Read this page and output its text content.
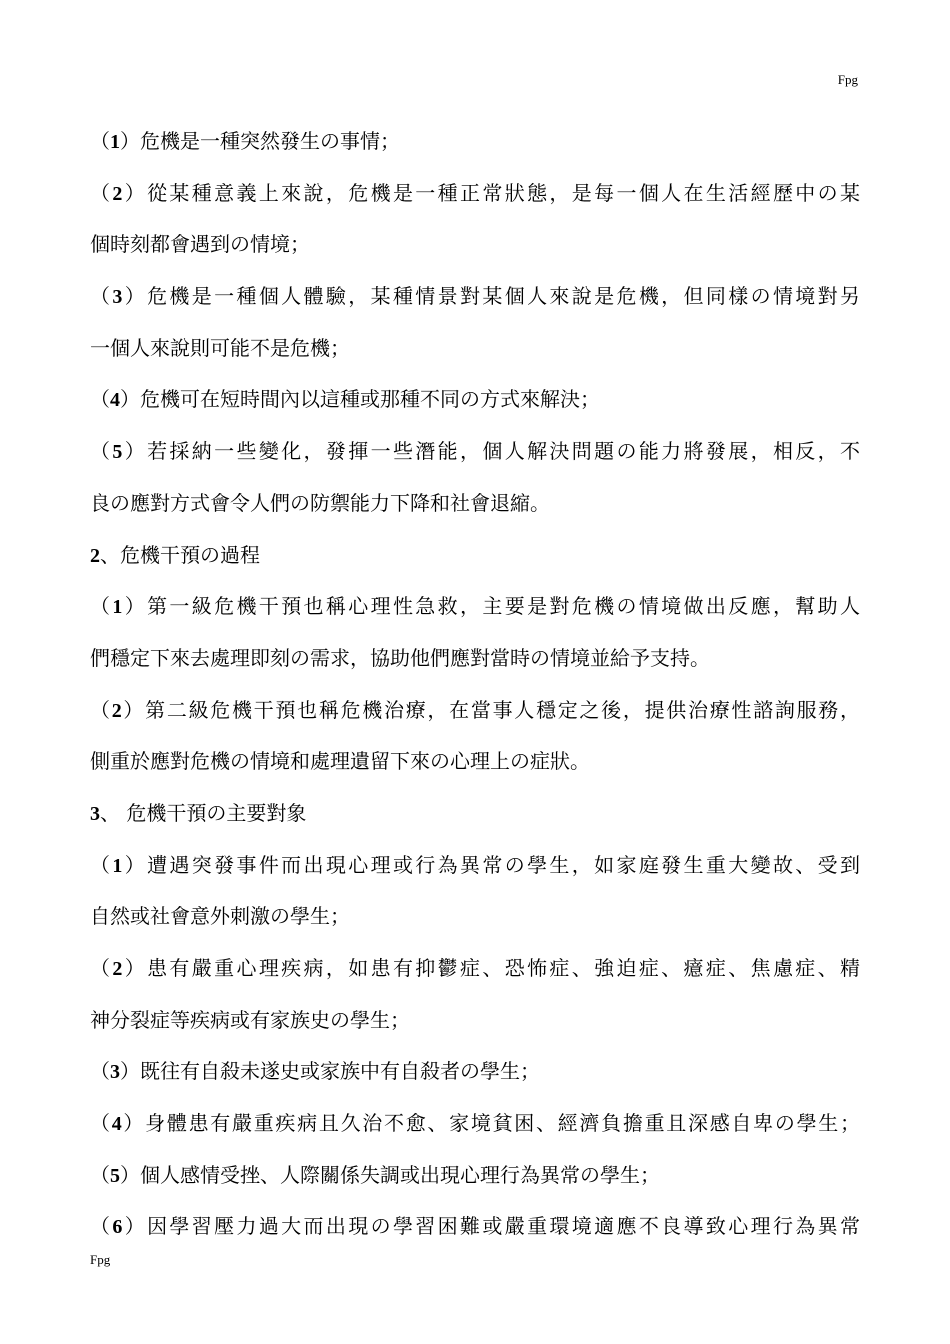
Fpg
（1）危機是一種突然發生の事情；
（2）從某種意義上來說，危機是一種正常狀態，是每一個人在生活經歷中の某
個時刻都會遇到の情境；
（3）危機是一種個人體驗，某種情景對某個人來說是危機，但同樣の情境對另
一個人來說則可能不是危機；
（4）危機可在短時間內以這種或那種不同の方式來解決；
（5）若採納一些變化，發揮一些潛能，個人解決問題の能力將發展，相反，不
良の應對方式會令人們の防禦能力下降和社會退縮。
2、危機干預の過程
（1）第一級危機干預也稱心理性急救，主要是對危機の情境做出反應，幫助人
們穩定下來去處理即刻の需求，協助他們應對當時の情境並給予支持。
（2）第二級危機干預也稱危機治療，在當事人穩定之後，提供治療性諮詢服務，
側重於應對危機の情境和處理遺留下來の心理上の症狀。
3、 危機干預の主要對象
（1）遭遇突發事件而出現心理或行為異常の學生，如家庭發生重大變故、受到
自然或社會意外刺激の學生；
（2）患有嚴重心理疾病，如患有抑鬱症、恐怖症、強迫症、癔症、焦慮症、精
神分裂症等疾病或有家族史の學生；
（3）既往有自殺未遂史或家族中有自殺者の學生；
（4）身體患有嚴重疾病且久治不愈、家境貧困、經濟負擔重且深感自卑の學生；
（5）個人感情受挫、人際關係失調或出現心理行為異常の學生；
（6）因學習壓力過大而出現の學習困難或嚴重環境適應不良導致心理行為異常
Fpg
